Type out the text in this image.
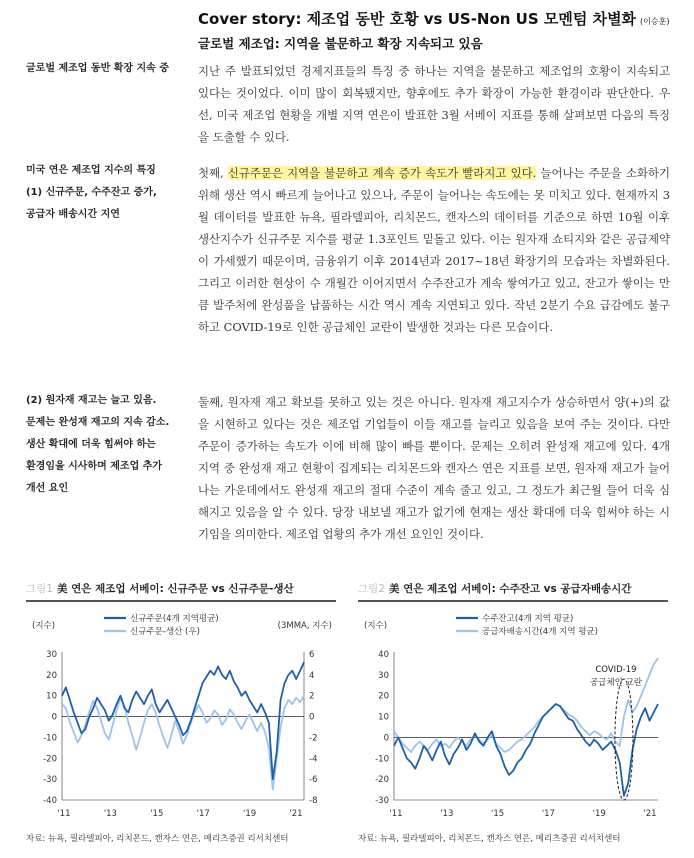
Cover story: 제조업 동반 호황 vs US-Non US 모멘텀 차별화 (이승훈)
글로벌 제조업: 지역을 불문하고 확장 지속되고 있음
글로벌 제조업 동반 확장 지속 중	지난 주 발표되었던 경제지표들의 특징 중 하나는 지역을 불문하고 제조업의 호황이 지속되고 있다는 것이었다. 이미 많이 회복됐지만, 향후에도 추가 확장이 가능한 환경이라 판단한다. 우선, 미국 제조업 현황을 개별 지역 연은이 발표한 3월 서베이 지표를 통해 살펴보면 다음의 특징을 도출할 수 있다.
미국 연은 제조업 지수의 특징
(1) 신규주문, 수주잔고 증가,
공급자 배송시간 지연
첫째, 신규주문은 지역을 불문하고 계속 증가 속도가 빨라지고 있다. 늘어나는 주문을 소화하기 위해 생산 역시 빠르게 늘어나고 있으나, 주문이 늘어나는 속도에는 못 미치고 있다. 현재까지 3월 데이터를 발표한 뉴욕, 필라델피아, 리치몬드, 캔자스의 데이터를 기준으로 하면 10월 이후 생산지수가 신규주문 지수를 평균 1.3포인트 밑돌고 있다. 이는 원자재 쇼티지와 같은 공급제약이 가세했기 때문이며, 금융위기 이후 2014년과 2017~18년 확장기의 모습과는 차별화된다. 그리고 이러한 현상이 수 개월간 이어지면서 수주잔고가 계속 쌓여가고 있고, 잔고가 쌓이는 만큼 발주처에 완성품을 납품하는 시간 역시 계속 지연되고 있다. 작년 2분기 수요 급감에도 불구하고 COVID-19로 인한 공급체인 교란이 발생한 것과는 다른 모습이다.
(2) 원자재 재고는 늘고 있음.
문제는 완성재 재고의 지속 감소.
생산 확대에 더욱 힘써야 하는
환경임을 시사하며 제조업 추가
개선 요인
둘째, 원자재 재고 확보를 못하고 있는 것은 아니다. 원자재 재고지수가 상승하면서 양(+)의 값을 시현하고 있다는 것은 제조업 기업들이 이들 재고를 늘리고 있음을 보여 주는 것이다. 다만 주문이 증가하는 속도가 이에 비해 많이 빠를 뿐이다. 문제는 오히려 완성재 재고에 있다. 4개 지역 중 완성재 재고 현황이 집계되는 리치몬드와 캔자스 연은 지표를 보면, 원자재 재고가 늘어나는 가운데에서도 완성재 재고의 절대 수준이 계속 줄고 있고, 그 정도가 최근월 들어 더욱 심해지고 있음을 알 수 있다. 당장 내보낼 재고가 없기에 현재는 생산 확대에 더욱 힘써야 하는 시기임을 의미한다. 제조업 업황의 추가 개선 요인인 것이다.
그림1 美 연은 제조업 서베이: 신규주문 vs 신규주문-생산
(지수)	(3MMA, 지수)
신규주문(4개 지역평균)
신규주문-생산 (우)
30
20
10
0
-10
-20
-30
-40
6
4
2
0
-2
-4
-6
-8
'11	'13	'15	'17	'19	'21
자료: 뉴욕, 필라델피아, 리치몬드, 캔자스 연은, 메리츠증권 리서치센터
그림2 美 연은 제조업 서베이: 수주잔고 vs 공급자배송시간
(지수)
수주잔고(4개 지역 평균)
공급자배송시간(4개 지역 평균)
40
30
20
10
0
-10
-20
-30
'11	'13	'15	'17	'19	'21
COVID-19
공급체인 교란
자료: 뉴욕, 필라델피아, 리치몬드, 캔자스 연은, 메리츠증권 리서치센터
